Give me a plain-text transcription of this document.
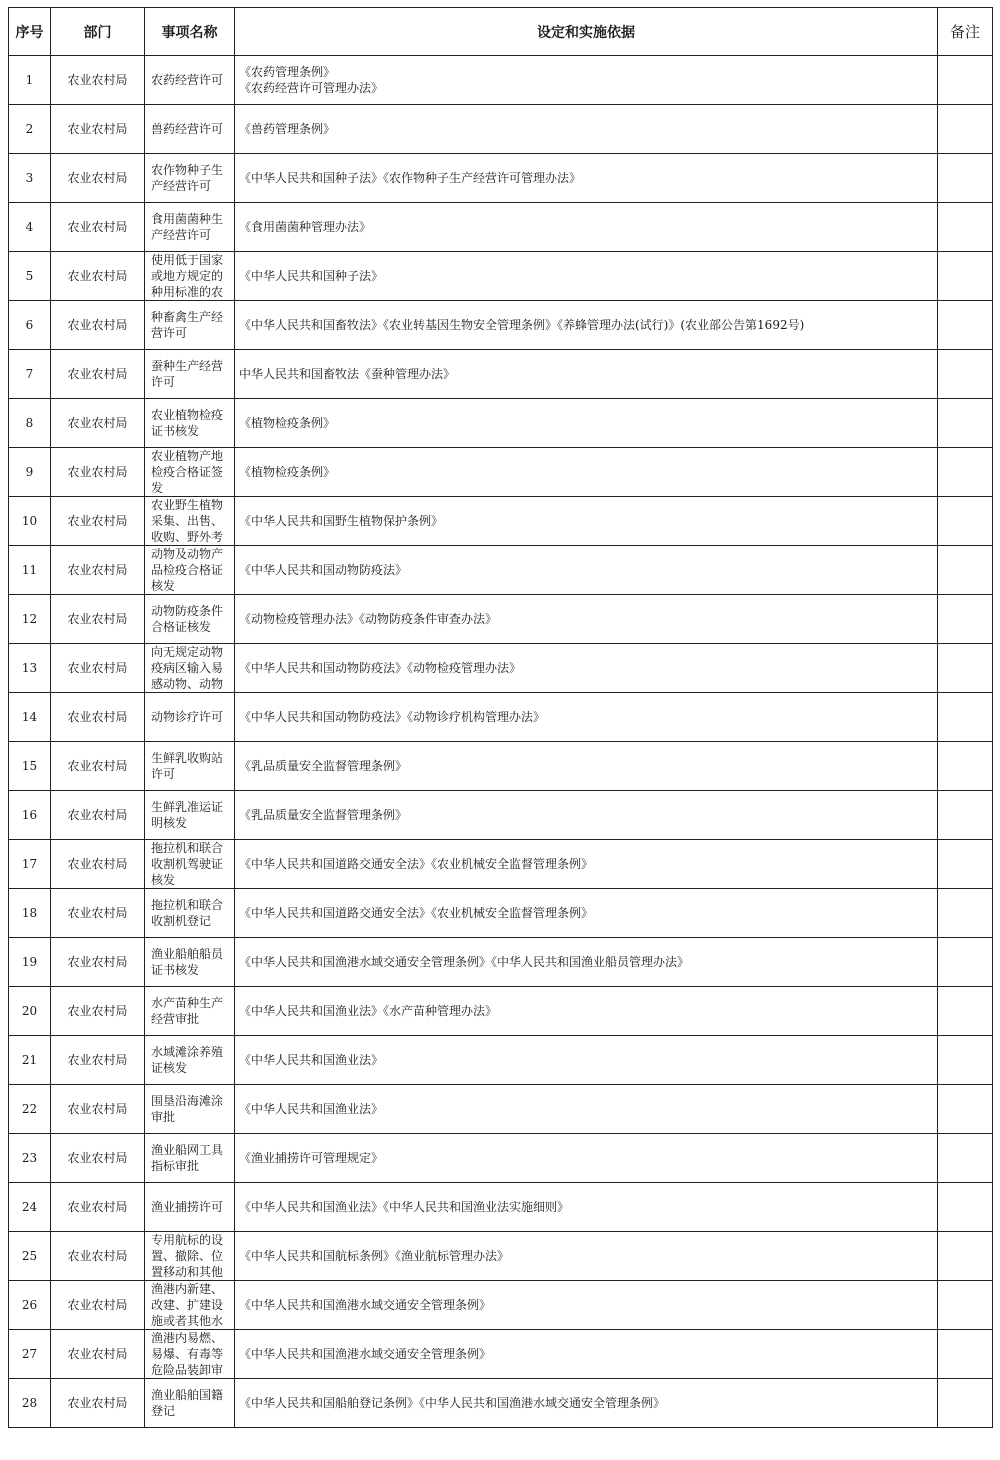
序号	部门	事项名称	设定和实施依据	备注
1	农业农村局	农药经营许可	《农药管理条例》
《农药经营许可管理办法》	
2	农业农村局	兽药经营许可	《兽药管理条例》	
3	农业农村局	农作物种子生产经营许可	《中华人民共和国种子法》《农作物种子生产经营许可管理办法》	
4	农业农村局	食用菌菌种生产经营许可	《食用菌菌种管理办法》	
5	农业农村局	使用低于国家或地方规定的种用标准的农	《中华人民共和国种子法》	
6	农业农村局	种畜禽生产经营许可	《中华人民共和国畜牧法》《农业转基因生物安全管理条例》《养蜂管理办法(试行)》(农业部公告第1692号)	
7	农业农村局	蚕种生产经营许可	中华人民共和国畜牧法《蚕种管理办法》	
8	农业农村局	农业植物检疫证书核发	《植物检疫条例》	
9	农业农村局	农业植物产地检疫合格证签发	《植物检疫条例》	
10	农业农村局	农业野生植物采集、出售、收购、野外考	《中华人民共和国野生植物保护条例》	
11	农业农村局	动物及动物产品检疫合格证核发	《中华人民共和国动物防疫法》	
12	农业农村局	动物防疫条件合格证核发	《动物检疫管理办法》《动物防疫条件审查办法》	
13	农业农村局	向无规定动物疫病区输入易感动物、动物	《中华人民共和国动物防疫法》《动物检疫管理办法》	
14	农业农村局	动物诊疗许可	《中华人民共和国动物防疫法》《动物诊疗机构管理办法》	
15	农业农村局	生鲜乳收购站许可	《乳品质量安全监督管理条例》	
16	农业农村局	生鲜乳准运证明核发	《乳品质量安全监督管理条例》	
17	农业农村局	拖拉机和联合收割机驾驶证核发	《中华人民共和国道路交通安全法》《农业机械安全监督管理条例》	
18	农业农村局	拖拉机和联合收割机登记	《中华人民共和国道路交通安全法》《农业机械安全监督管理条例》	
19	农业农村局	渔业船舶船员证书核发	《中华人民共和国渔港水域交通安全管理条例》《中华人民共和国渔业船员管理办法》	
20	农业农村局	水产苗种生产经营审批	《中华人民共和国渔业法》《水产苗种管理办法》	
21	农业农村局	水域滩涂养殖证核发	《中华人民共和国渔业法》	
22	农业农村局	围垦沿海滩涂审批	《中华人民共和国渔业法》	
23	农业农村局	渔业船网工具指标审批	《渔业捕捞许可管理规定》	
24	农业农村局	渔业捕捞许可	《中华人民共和国渔业法》《中华人民共和国渔业法实施细则》	
25	农业农村局	专用航标的设置、撤除、位置移动和其他	《中华人民共和国航标条例》《渔业航标管理办法》	
26	农业农村局	渔港内新建、改建、扩建设施或者其他水	《中华人民共和国渔港水域交通安全管理条例》	
27	农业农村局	渔港内易燃、易爆、有毒等危险品装卸审	《中华人民共和国渔港水域交通安全管理条例》	
28	农业农村局	渔业船舶国籍登记	《中华人民共和国船舶登记条例》《中华人民共和国渔港水域交通安全管理条例》	
